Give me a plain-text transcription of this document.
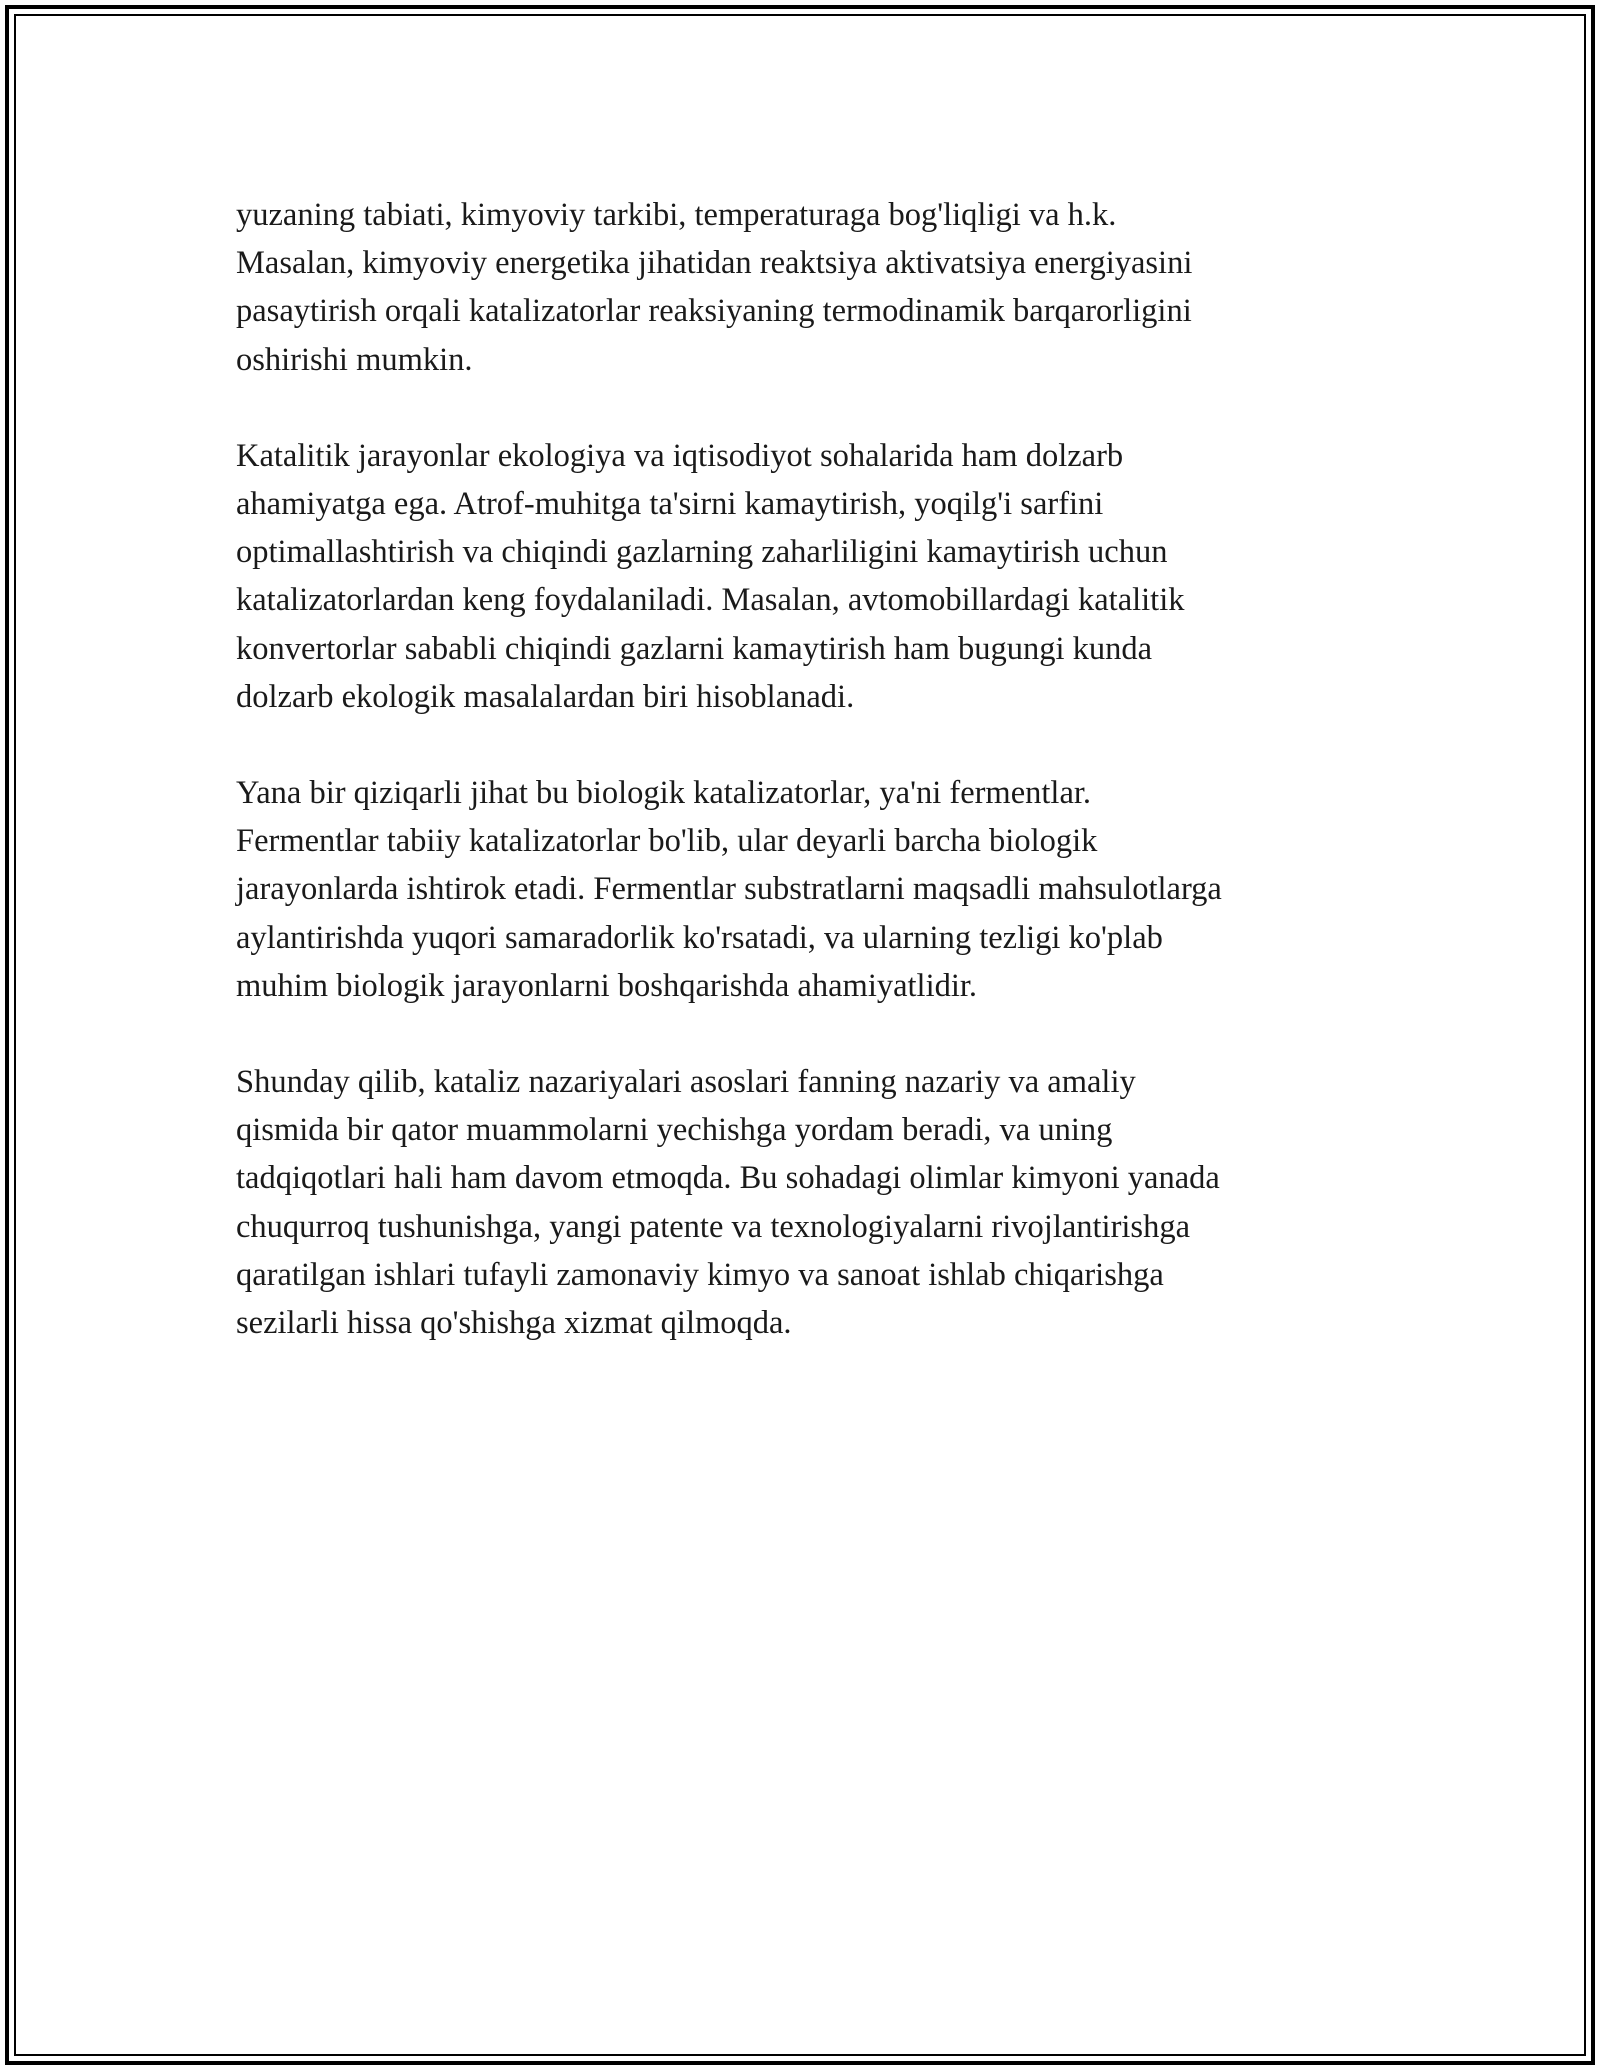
yuzaning tabiati, kimyoviy tarkibi, temperaturaga bog'liqligi va h.k.
Masalan, kimyoviy energetika jihatidan reaktsiya aktivatsiya energiyasini
pasaytirish orqali katalizatorlar reaksiyaning termodinamik barqarorligini
oshirishi mumkin.

Katalitik jarayonlar ekologiya va iqtisodiyot sohalarida ham dolzarb
ahamiyatga ega. Atrof-muhitga ta'sirni kamaytirish, yoqilg'i sarfini
optimallashtirish va chiqindi gazlarning zaharliligini kamaytirish uchun
katalizatorlardan keng foydalaniladi. Masalan, avtomobillardagi katalitik
konvertorlar sababli chiqindi gazlarni kamaytirish ham bugungi kunda
dolzarb ekologik masalalardan biri hisoblanadi.

Yana bir qiziqarli jihat bu biologik katalizatorlar, ya'ni fermentlar.
Fermentlar tabiiy katalizatorlar bo'lib, ular deyarli barcha biologik
jarayonlarda ishtirok etadi. Fermentlar substratlarni maqsadli mahsulotlarga
aylantirishda yuqori samaradorlik ko'rsatadi, va ularning tezligi ko'plab
muhim biologik jarayonlarni boshqarishda ahamiyatlidir.

Shunday qilib, kataliz nazariyalari asoslari fanning nazariy va amaliy
qismida bir qator muammolarni yechishga yordam beradi, va uning
tadqiqotlari hali ham davom etmoqda. Bu sohadagi olimlar kimyoni yanada
chuqurroq tushunishga, yangi patente va texnologiyalarni rivojlantirishga
qaratilgan ishlari tufayli zamonaviy kimyo va sanoat ishlab chiqarishga
sezilarli hissa qo'shishga xizmat qilmoqda.
